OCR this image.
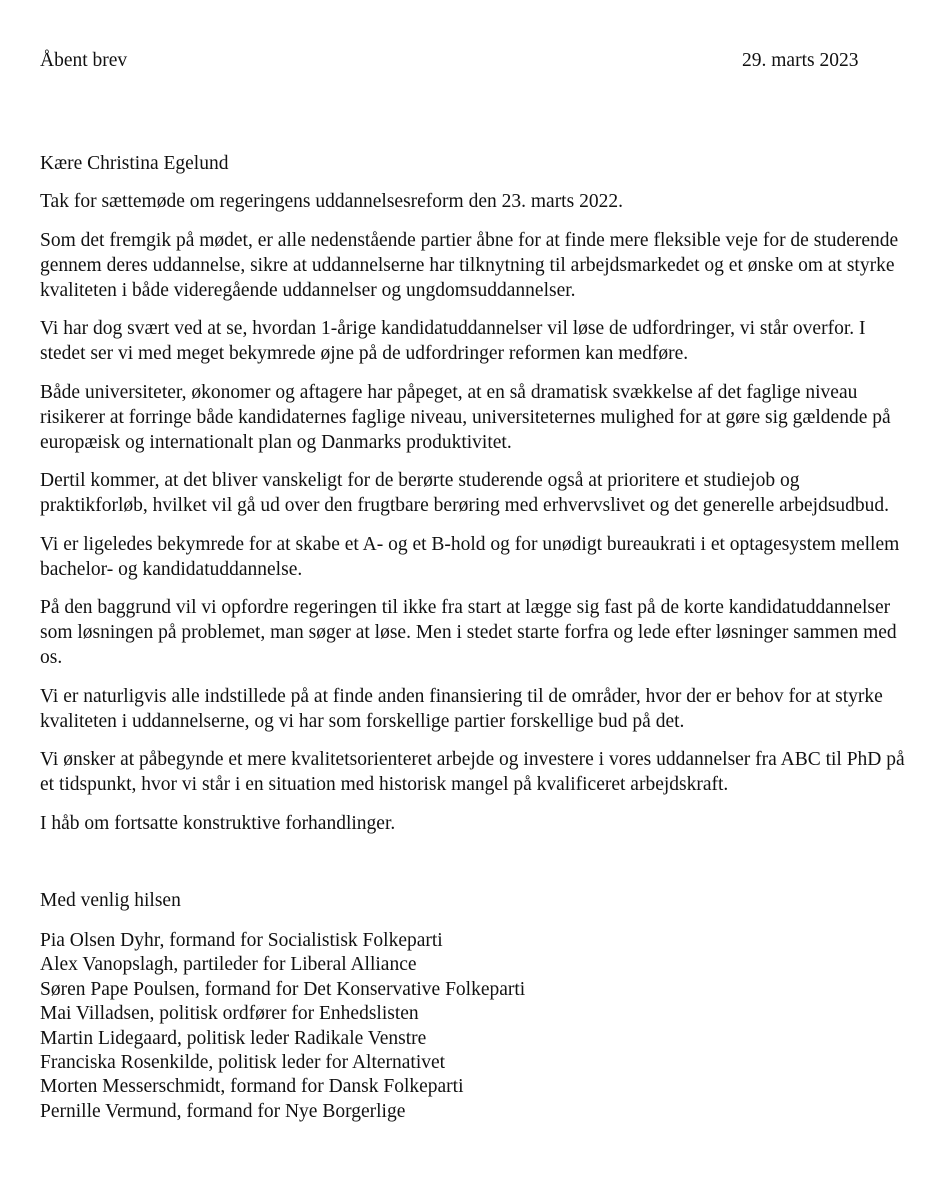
Åbent brev	29. marts 2023

Kære Christina Egelund

Tak for sættemøde om regeringens uddannelsesreform den 23. marts 2022.

Som det fremgik på mødet, er alle nedenstående partier åbne for at finde mere fleksible veje for de studerende gennem deres uddannelse, sikre at uddannelserne har tilknytning til arbejdsmarkedet og et ønske om at styrke kvaliteten i både videregående uddannelser og ungdomsuddannelser.

Vi har dog svært ved at se, hvordan 1-årige kandidatuddannelser vil løse de udfordringer, vi står overfor. I stedet ser vi med meget bekymrede øjne på de udfordringer reformen kan medføre.

Både universiteter, økonomer og aftagere har påpeget, at en så dramatisk svækkelse af det faglige niveau risikerer at forringe både kandidaternes faglige niveau, universiteternes mulighed for at gøre sig gældende på europæisk og internationalt plan og Danmarks produktivitet.

Dertil kommer, at det bliver vanskeligt for de berørte studerende også at prioritere et studiejob og praktikforløb, hvilket vil gå ud over den frugtbare berøring med erhvervslivet og det generelle arbejdsudbud.

Vi er ligeledes bekymrede for at skabe et A- og et B-hold og for unødigt bureaukrati i et optagesystem mellem bachelor- og kandidatuddannelse.

På den baggrund vil vi opfordre regeringen til ikke fra start at lægge sig fast på de korte kandidatuddannelser som løsningen på problemet, man søger at løse. Men i stedet starte forfra og lede efter løsninger sammen med os.

Vi er naturligvis alle indstillede på at finde anden finansiering til de områder, hvor der er behov for at styrke kvaliteten i uddannelserne, og vi har som forskellige partier forskellige bud på det.

Vi ønsker at påbegynde et mere kvalitetsorienteret arbejde og investere i vores uddannelser fra ABC til PhD på et tidspunkt, hvor vi står i en situation med historisk mangel på kvalificeret arbejdskraft.

I håb om fortsatte konstruktive forhandlinger.

Med venlig hilsen
Pia Olsen Dyhr, formand for Socialistisk Folkeparti
Alex Vanopslagh, partileder for Liberal Alliance
Søren Pape Poulsen, formand for Det Konservative Folkeparti
Mai Villadsen, politisk ordfører for Enhedslisten
Martin Lidegaard, politisk leder Radikale Venstre
Franciska Rosenkilde, politisk leder for Alternativet
Morten Messerschmidt, formand for Dansk Folkeparti
Pernille Vermund, formand for Nye Borgerlige
